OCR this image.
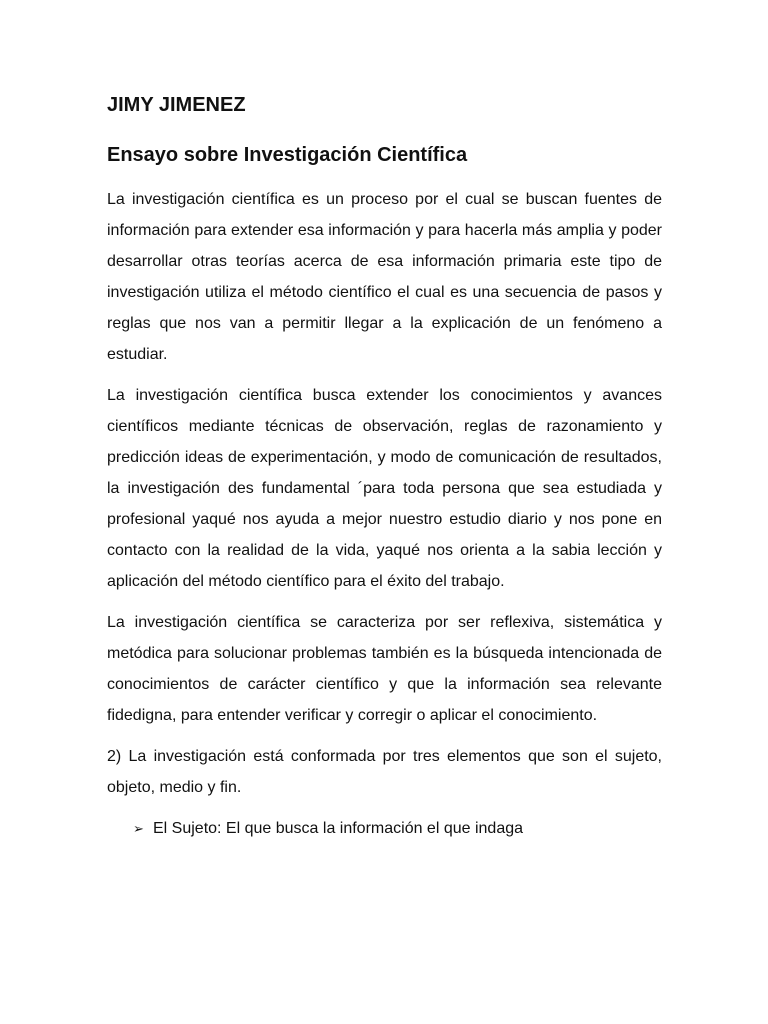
JIMY JIMENEZ
Ensayo sobre Investigación Científica

La investigación científica es un proceso por el cual se buscan fuentes de información para extender esa información y para hacerla más amplia y poder desarrollar otras teorías acerca de esa información primaria este tipo de investigación utiliza el método científico el cual es una secuencia de pasos y reglas que nos van a permitir llegar a la explicación de un fenómeno a estudiar.

La investigación científica busca extender los conocimientos y avances científicos mediante técnicas de observación, reglas de razonamiento y predicción ideas de experimentación, y modo de comunicación de resultados, la investigación des fundamental ´para toda persona que sea estudiada y profesional yaqué nos ayuda a mejor nuestro estudio diario y nos pone en contacto con la realidad de la vida, yaqué nos orienta a la sabia lección y aplicación del método científico para el éxito del trabajo.

La investigación científica se caracteriza por ser reflexiva, sistemática y metódica para solucionar problemas también es la búsqueda intencionada de conocimientos de carácter científico y que la información sea relevante fidedigna, para entender verificar y corregir o aplicar el conocimiento.

2) La investigación está conformada por tres elementos que son el sujeto, objeto, medio y fin.

➢ El Sujeto: El que busca la información el que indaga
